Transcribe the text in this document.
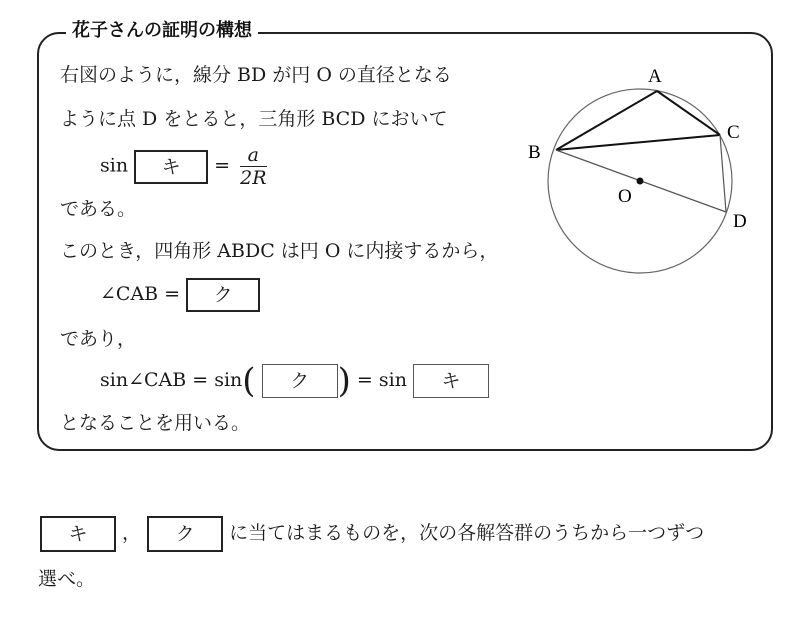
花子さんの証明の構想
右図のように，線分 BD が円 O の直径となる
ように点 D をとると，三角形 BCD において
sin キ = $\frac{a}{2R}$
である。
このとき，四角形 ABDC は円 O に内接するから，
∠CAB = ク
であり，
sin∠CAB = sin( ク ) = sin キ
となることを用いる。
A
B
C
D
O
キ ， ク に当てはまるものを，次の各解答群のうちから一つずつ
選べ。
